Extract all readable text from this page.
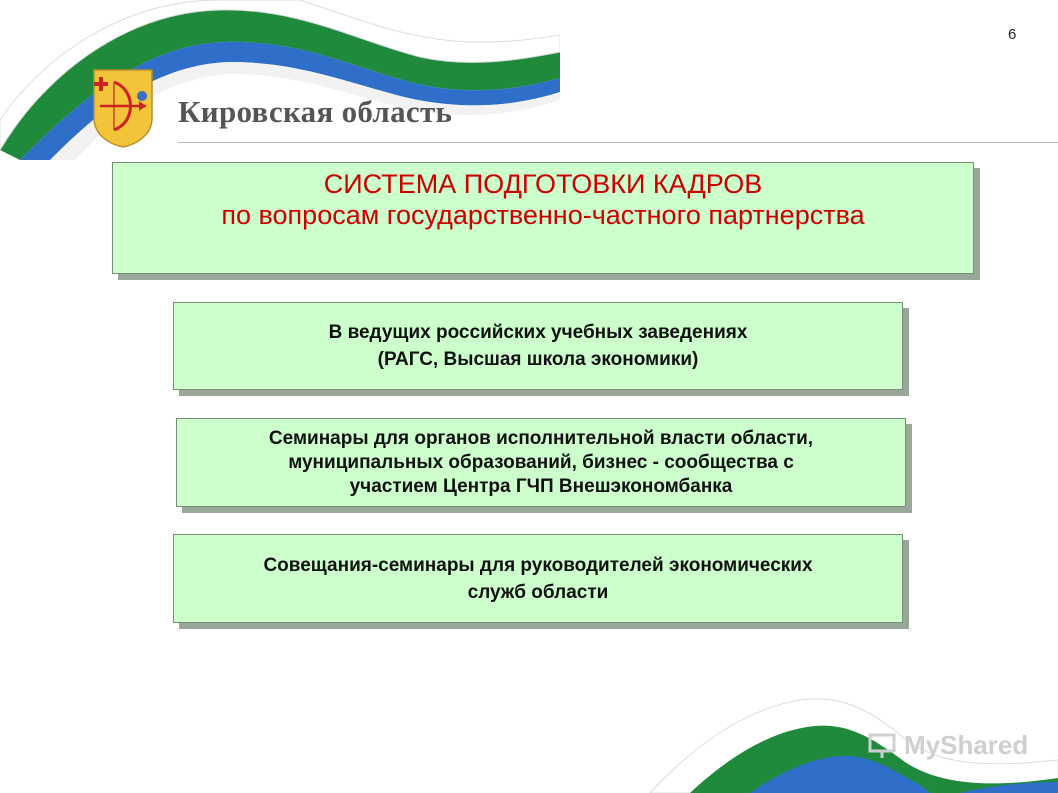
6
Кировская область
СИСТЕМА ПОДГОТОВКИ КАДРОВ
по вопросам государственно-частного партнерства
В ведущих российских учебных заведениях
(РАГС, Высшая школа экономики)
Семинары для органов исполнительной власти области,
муниципальных образований, бизнес - сообщества с
участием Центра ГЧП Внешэкономбанка
Совещания-семинары для руководителей экономических
служб области
MyShared
